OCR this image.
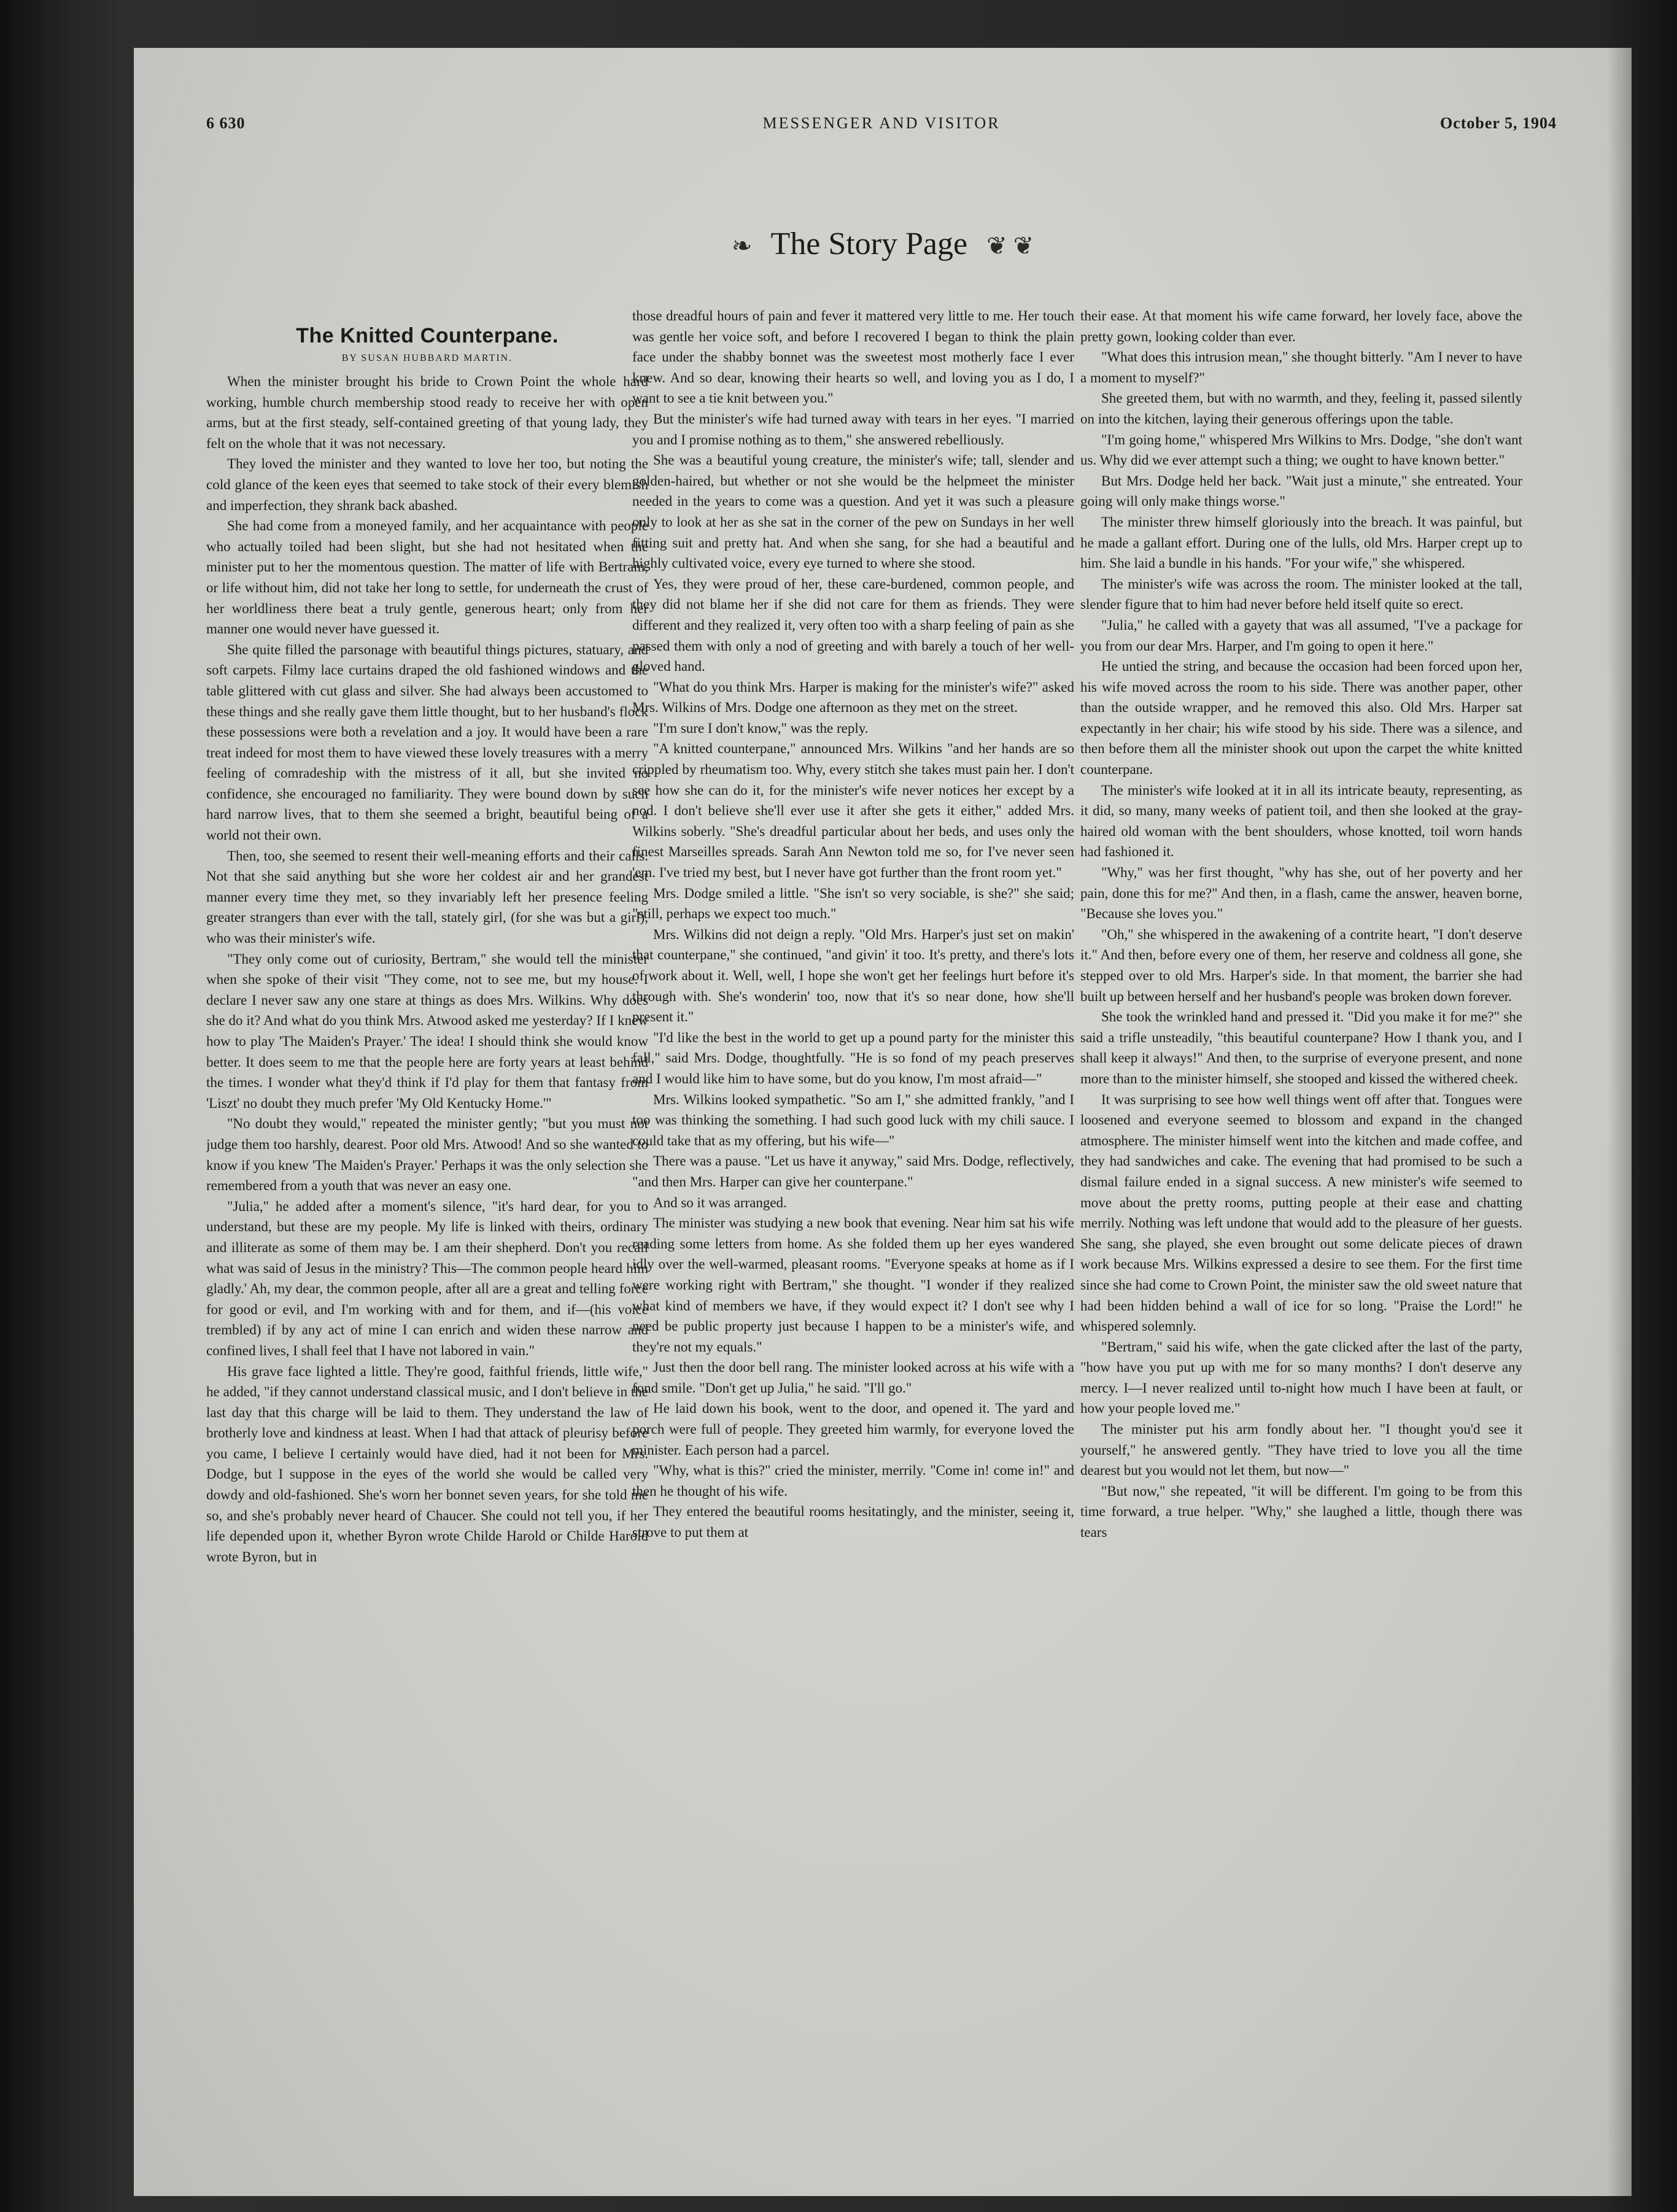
6 630	MESSENGER AND VISITOR	October 5, 1904
❧ The Story Page ❦ ❦
The Knitted Counterpane.
BY SUSAN HUBBARD MARTIN.

When the minister brought his bride to Crown Point the whole hard working, humble church membership stood ready to receive her with open arms, but at the first steady, self-contained greeting of that young lady, they felt on the whole that it was not necessary.

They loved the minister and they wanted to love her too, but noting the cold glance of the keen eyes that seemed to take stock of their every blemish and imperfection, they shrank back abashed.

She had come from a moneyed family, and her acquaintance with people who actually toiled had been slight, but she had not hesitated when the minister put to her the momentous question. The matter of life with Bertram, or life without him, did not take her long to settle, for underneath the crust of her worldliness there beat a truly gentle, generous heart; only from her manner one would never have guessed it.

She quite filled the parsonage with beautiful things pictures, statuary, and soft carpets. Filmy lace curtains draped the old fashioned windows and the table glittered with cut glass and silver. She had always been accustomed to these things and she really gave them little thought, but to her husband's flock these possessions were both a revelation and a joy. It would have been a rare treat indeed for most them to have viewed these lovely treasures with a merry feeling of comradeship with the mistress of it all, but she invited no confidence, she encouraged no familiarity. They were bound down by such hard narrow lives, that to them she seemed a bright, beautiful being of a world not their own.

Then, too, she seemed to resent their well-meaning efforts and their calls. Not that she said anything but she wore her coldest air and her grandest manner every time they met, so they invariably left her presence feeling greater strangers than ever with the tall, stately girl, (for she was but a girl), who was their minister's wife.

"They only come out of curiosity, Bertram," she would tell the minister when she spoke of their visit "They come, not to see me, but my house. I declare I never saw any one stare at things as does Mrs. Wilkins. Why does she do it? And what do you think Mrs. Atwood asked me yesterday? If I knew how to play 'The Maiden's Prayer.' The idea! I should think she would know better. It does seem to me that the people here are forty years at least behind the times. I wonder what they'd think if I'd play for them that fantasy from 'Liszt' no doubt they much prefer 'My Old Kentucky Home.'"

"No doubt they would," repeated the minister gently; "but you must not judge them too harshly, dearest. Poor old Mrs. Atwood! And so she wanted to know if you knew 'The Maiden's Prayer.' Perhaps it was the only selection she remembered from a youth that was never an easy one.

"Julia," he added after a moment's silence, "it's hard dear, for you to understand, but these are my people. My life is linked with theirs, ordinary and illiterate as some of them may be. I am their shepherd. Don't you recall what was said of Jesus in the ministry? This—The common people heard him gladly.' Ah, my dear, the common people, after all are a great and telling force for good or evil, and I'm working with and for them, and if—(his voice trembled) if by any act of mine I can enrich and widen these narrow and confined lives, I shall feel that I have not labored in vain."

His grave face lighted a little. They're good, faithful friends, little wife," he added, "if they cannot understand classical music, and I don't believe in the last day that this charge will be laid to them. They understand the law of brotherly love and kindness at least. When I had that attack of pleurisy before you came, I believe I certainly would have died, had it not been for Mrs. Dodge, but I suppose in the eyes of the world she would be called very dowdy and old-fashioned. She's worn her bonnet seven years, for she told me so, and she's probably never heard of Chaucer. She could not tell you, if her life depended upon it, whether Byron wrote Childe Harold or Childe Harold wrote Byron, but in

those dreadful hours of pain and fever it mattered very little to me. Her touch was gentle her voice soft, and before I recovered I began to think the plain face under the shabby bonnet was the sweetest most motherly face I ever knew. And so dear, knowing their hearts so well, and loving you as I do, I want to see a tie knit between you."

But the minister's wife had turned away with tears in her eyes. "I married you and I promise nothing as to them," she answered rebelliously.

She was a beautiful young creature, the minister's wife; tall, slender and golden-haired, but whether or not she would be the helpmeet the minister needed in the years to come was a question. And yet it was such a pleasure only to look at her as she sat in the corner of the pew on Sundays in her well fitting suit and pretty hat. And when she sang, for she had a beautiful and highly cultivated voice, every eye turned to where she stood.

Yes, they were proud of her, these care-burdened, common people, and they did not blame her if she did not care for them as friends. They were different and they realized it, very often too with a sharp feeling of pain as she passed them with only a nod of greeting and with barely a touch of her well-gloved hand.

"What do you think Mrs. Harper is making for the minister's wife?" asked Mrs. Wilkins of Mrs. Dodge one afternoon as they met on the street.

"I'm sure I don't know," was the reply.

"A knitted counterpane," announced Mrs. Wilkins "and her hands are so crippled by rheumatism too. Why, every stitch she takes must pain her. I don't see how she can do it, for the minister's wife never notices her except by a nod. I don't believe she'll ever use it after she gets it either," added Mrs. Wilkins soberly. "She's dreadful particular about her beds, and uses only the finest Marseilles spreads. Sarah Ann Newton told me so, for I've never seen 'em. I've tried my best, but I never have got further than the front room yet."

Mrs. Dodge smiled a little. "She isn't so very sociable, is she?" she said; "still, perhaps we expect too much."

Mrs. Wilkins did not deign a reply. "Old Mrs. Harper's just set on makin' that counterpane," she continued, "and givin' it too. It's pretty, and there's lots of work about it. Well, well, I hope she won't get her feelings hurt before it's through with. She's wonderin' too, now that it's so near done, how she'll present it."

"I'd like the best in the world to get up a pound party for the minister this fall," said Mrs. Dodge, thoughtfully. "He is so fond of my peach preserves and I would like him to have some, but do you know, I'm most afraid—"

Mrs. Wilkins looked sympathetic. "So am I," she admitted frankly, "and I too was thinking the something. I had such good luck with my chili sauce. I could take that as my offering, but his wife—"

There was a pause. "Let us have it anyway," said Mrs. Dodge, reflectively, "and then Mrs. Harper can give her counterpane."

And so it was arranged.

The minister was studying a new book that evening. Near him sat his wife reading some letters from home. As she folded them up her eyes wandered idly over the well-warmed, pleasant rooms. "Everyone speaks at home as if I were working right with Bertram," she thought. "I wonder if they realized what kind of members we have, if they would expect it? I don't see why I need be public property just because I happen to be a minister's wife, and they're not my equals."

Just then the door bell rang. The minister looked across at his wife with a fond smile. "Don't get up Julia," he said. "I'll go."

He laid down his book, went to the door, and opened it. The yard and porch were full of people. They greeted him warmly, for everyone loved the minister. Each person had a parcel.

"Why, what is this?" cried the minister, merrily. "Come in! come in!" and then he thought of his wife.

They entered the beautiful rooms hesitatingly, and the minister, seeing it, strove to put them at

their ease. At that moment his wife came forward, her lovely face, above the pretty gown, looking colder than ever.

"What does this intrusion mean," she thought bitterly. "Am I never to have a moment to myself?"

She greeted them, but with no warmth, and they, feeling it, passed silently on into the kitchen, laying their generous offerings upon the table.

"I'm going home," whispered Mrs Wilkins to Mrs. Dodge, "she don't want us. Why did we ever attempt such a thing; we ought to have known better."

But Mrs. Dodge held her back. "Wait just a minute," she entreated. Your going will only make things worse."

The minister threw himself gloriously into the breach. It was painful, but he made a gallant effort. During one of the lulls, old Mrs. Harper crept up to him. She laid a bundle in his hands. "For your wife," she whispered.

The minister's wife was across the room. The minister looked at the tall, slender figure that to him had never before held itself quite so erect.

"Julia," he called with a gayety that was all assumed, "I've a package for you from our dear Mrs. Harper, and I'm going to open it here."

He untied the string, and because the occasion had been forced upon her, his wife moved across the room to his side. There was another paper, other than the outside wrapper, and he removed this also. Old Mrs. Harper sat expectantly in her chair; his wife stood by his side. There was a silence, and then before them all the minister shook out upon the carpet the white knitted counterpane.

The minister's wife looked at it in all its intricate beauty, representing, as it did, so many, many weeks of patient toil, and then she looked at the gray-haired old woman with the bent shoulders, whose knotted, toil worn hands had fashioned it.

"Why," was her first thought, "why has she, out of her poverty and her pain, done this for me?" And then, in a flash, came the answer, heaven borne, "Because she loves you."

"Oh," she whispered in the awakening of a contrite heart, "I don't deserve it." And then, before every one of them, her reserve and coldness all gone, she stepped over to old Mrs. Harper's side. In that moment, the barrier she had built up between herself and her husband's people was broken down forever.

She took the wrinkled hand and pressed it. "Did you make it for me?" she said a trifle unsteadily, "this beautiful counterpane? How I thank you, and I shall keep it always!" And then, to the surprise of everyone present, and none more than to the minister himself, she stooped and kissed the withered cheek.

It was surprising to see how well things went off after that. Tongues were loosened and everyone seemed to blossom and expand in the changed atmosphere. The minister himself went into the kitchen and made coffee, and they had sandwiches and cake. The evening that had promised to be such a dismal failure ended in a signal success. A new minister's wife seemed to move about the pretty rooms, putting people at their ease and chatting merrily. Nothing was left undone that would add to the pleasure of her guests. She sang, she played, she even brought out some delicate pieces of drawn work because Mrs. Wilkins expressed a desire to see them. For the first time since she had come to Crown Point, the minister saw the old sweet nature that had been hidden behind a wall of ice for so long. "Praise the Lord!" he whispered solemnly.

"Bertram," said his wife, when the gate clicked after the last of the party, "how have you put up with me for so many months? I don't deserve any mercy. I—I never realized until to-night how much I have been at fault, or how your people loved me."

The minister put his arm fondly about her. "I thought you'd see it yourself," he answered gently. "They have tried to love you all the time dearest but you would not let them, but now—"

"But now," she repeated, "it will be different. I'm going to be from this time forward, a true helper. "Why," she laughed a little, though there was tears
